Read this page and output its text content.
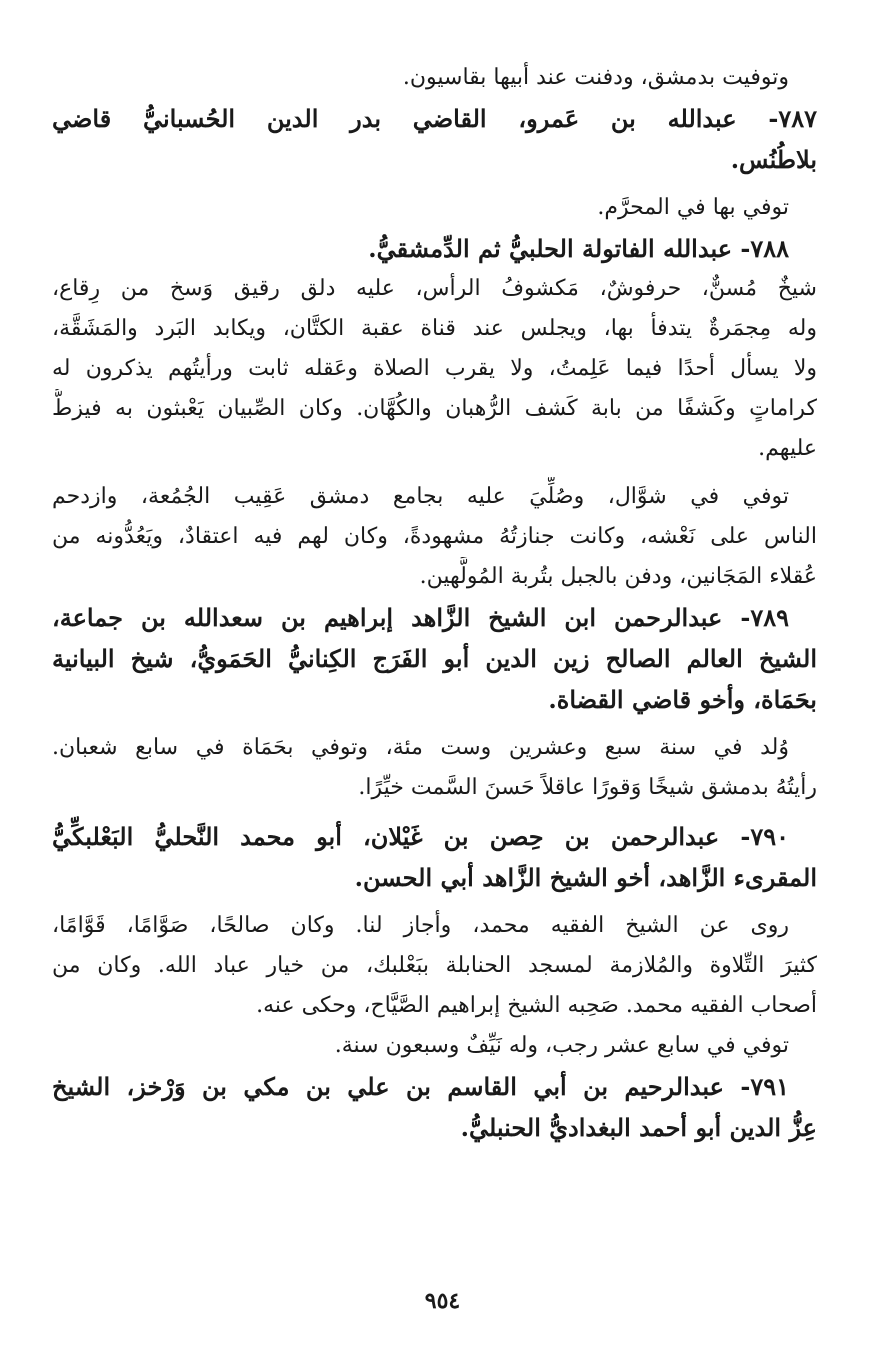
وتوفيت بدمشق، ودفنت عند أبيها بقاسيون.
٧٨٧- عبدالله بن عَمرو، القاضي بدر الدين الحُسبانيُّ قاضي
بلاطُنُس.
توفي بها في المحرَّم.
٧٨٨- عبدالله الفاتولة الحلبيُّ ثم الدِّمشقيُّ.
شيخٌ مُسنٌّ، حرفوشٌ، مَكشوفُ الرأس، عليه دلق رقيق وَسخ من رِقاع،
وله مِجمَرةٌ يتدفأ بها، ويجلس عند قناة عقبة الكتَّان، ويكابد البَرد والمَشَقَّة،
ولا يسأل أحدًا فيما عَلِمتُ، ولا يقرب الصلاة وعَقله ثابت ورأيتُهم يذكرون له
كراماتٍ وكَشفًا من بابة كَشف الرُّهبان والكُهَّان. وكان الصِّبيان يَعْبثون به فيزطُّ
عليهم.
توفي في شوَّال، وصُلِّيَ عليه بجامع دمشق عَقِيب الجُمُعة، وازدحم
الناس على نَعْشه، وكانت جنازتُهُ مشهودةً، وكان لهم فيه اعتقادٌ، ويَعُدُّونه من
عُقلاء المَجَانين، ودفن بالجبل بتُربة المُولَّهين.
٧٨٩- عبدالرحمن ابن الشيخ الزَّاهد إبراهيم بن سعدالله بن جماعة،
الشيخ العالم الصالح زين الدين أبو الفَرَج الكِنانيُّ الحَمَويُّ، شيخ البيانية
بحَمَاة، وأخو قاضي القضاة.
وُلد في سنة سبع وعشرين وست مئة، وتوفي بحَمَاة في سابع شعبان.
رأيتُهُ بدمشق شيخًا وَقورًا عاقلاً حَسنَ السَّمت خيِّرًا.
٧٩٠- عبدالرحمن بن حِصن بن غَيْلان، أبو محمد النَّحليُّ البَعْلبكِّيُّ
المقرىء الزَّاهد، أخو الشيخ الزَّاهد أبي الحسن.
روى عن الشيخ الفقيه محمد، وأجاز لنا. وكان صالحًا، صَوَّامًا، قَوَّامًا،
كثيرَ التِّلاوة والمُلازمة لمسجد الحنابلة ببَعْلبك، من خيار عباد الله. وكان من
أصحاب الفقيه محمد. صَحِبه الشيخ إبراهيم الصَّيَّاح، وحكى عنه.
توفي في سابع عشر رجب، وله نَيِّفٌ وسبعون سنة.
٧٩١- عبدالرحيم بن أبي القاسم بن علي بن مكي بن وَرْخز، الشيخ
عِزُّ الدين أبو أحمد البغداديُّ الحنبليُّ.
٩٥٤
